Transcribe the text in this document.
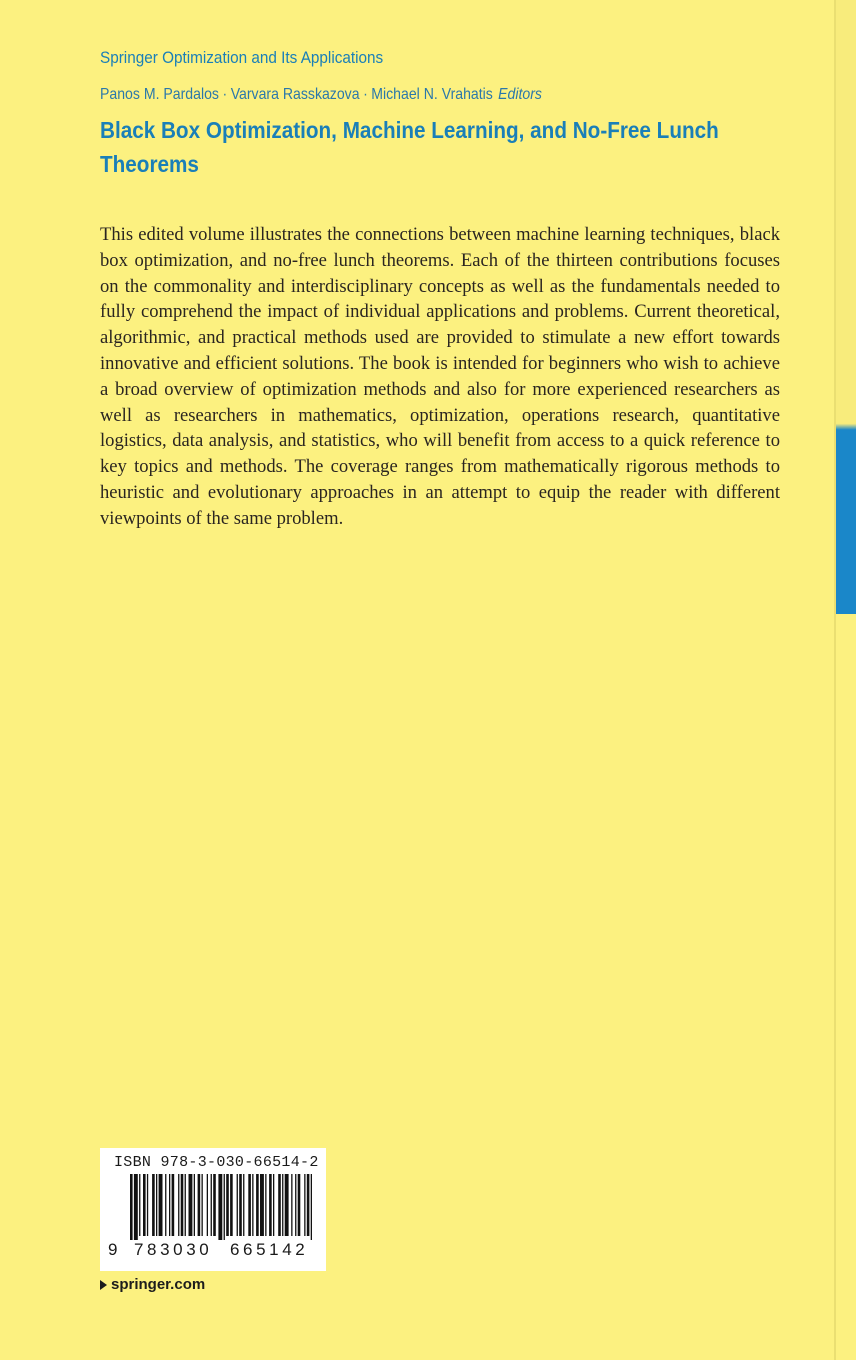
Springer Optimization and Its Applications
Panos M. Pardalos · Varvara Rasskazova · Michael N. Vrahatis Editors
Black Box Optimization, Machine Learning, and No-Free Lunch Theorems

This edited volume illustrates the connections between machine learning techniques, black box optimization, and no-free lunch theorems. Each of the thirteen contributions focuses on the commonality and interdisciplinary concepts as well as the fundamentals needed to fully comprehend the impact of individual applications and problems. Current theoretical, algorithmic, and practical methods used are provided to stimulate a new effort towards innovative and efficient solutions. The book is intended for beginners who wish to achieve a broad overview of optimization methods and also for more experienced researchers as well as researchers in mathematics, optimization, operations research, quantitative logistics, data analysis, and statistics, who will benefit from access to a quick reference to key topics and methods. The coverage ranges from mathematically rigorous methods to heuristic and evolutionary approaches in an attempt to equip the reader with different viewpoints of the same problem.

ISBN 978-3-030-66514-2
9 783030 665142
springer.com
